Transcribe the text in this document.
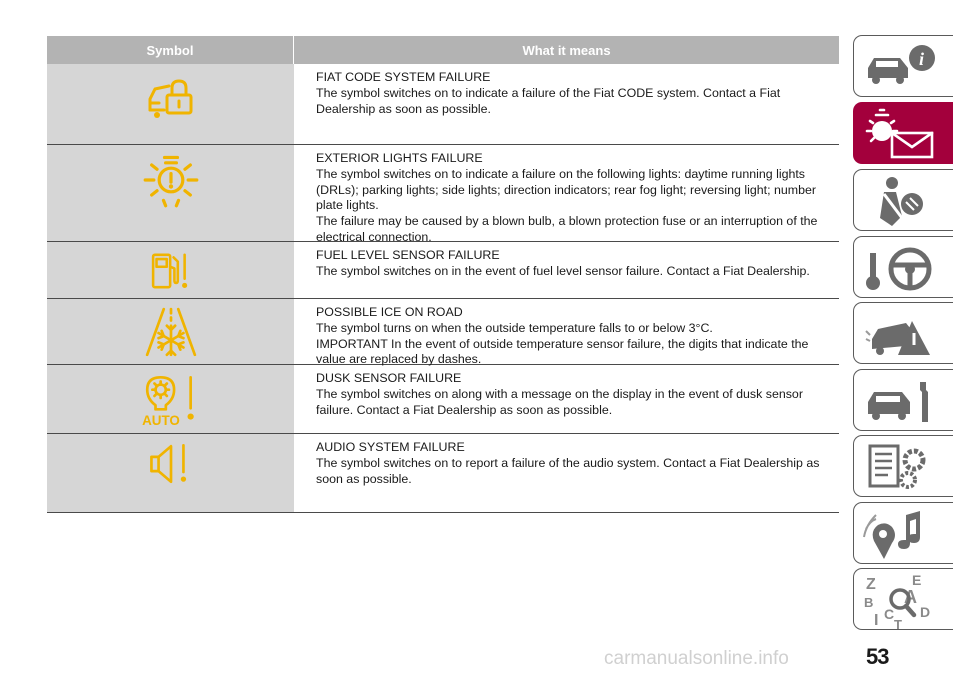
Symbol	What it means

FIAT CODE SYSTEM FAILURE

The symbol switches on to indicate a failure of the Fiat CODE system. Contact a Fiat Dealership as soon as possible.

EXTERIOR LIGHTS FAILURE

The symbol switches on to indicate a failure on the following lights: daytime running lights (DRLs); parking lights; side lights; direction indicators; rear fog light; reversing light; number plate lights.

The failure may be caused by a blown bulb, a blown protection fuse or an interruption of the electrical connection.

FUEL LEVEL SENSOR FAILURE

The symbol switches on in the event of fuel level sensor failure. Contact a Fiat Dealership.

POSSIBLE ICE ON ROAD

The symbol turns on when the outside temperature falls to or below 3°C.

IMPORTANT In the event of outside temperature sensor failure, the digits that indicate the value are replaced by dashes.

AUTO

DUSK SENSOR FAILURE

The symbol switches on along with a message on the display in the event of dusk sensor failure. Contact a Fiat Dealership as soon as possible.

AUDIO SYSTEM FAILURE

The symbol switches on to report a failure of the audio system. Contact a Fiat Dealership as soon as possible.

i
Z	E
A
B
C D
I T
53
carmanualsonline.info
